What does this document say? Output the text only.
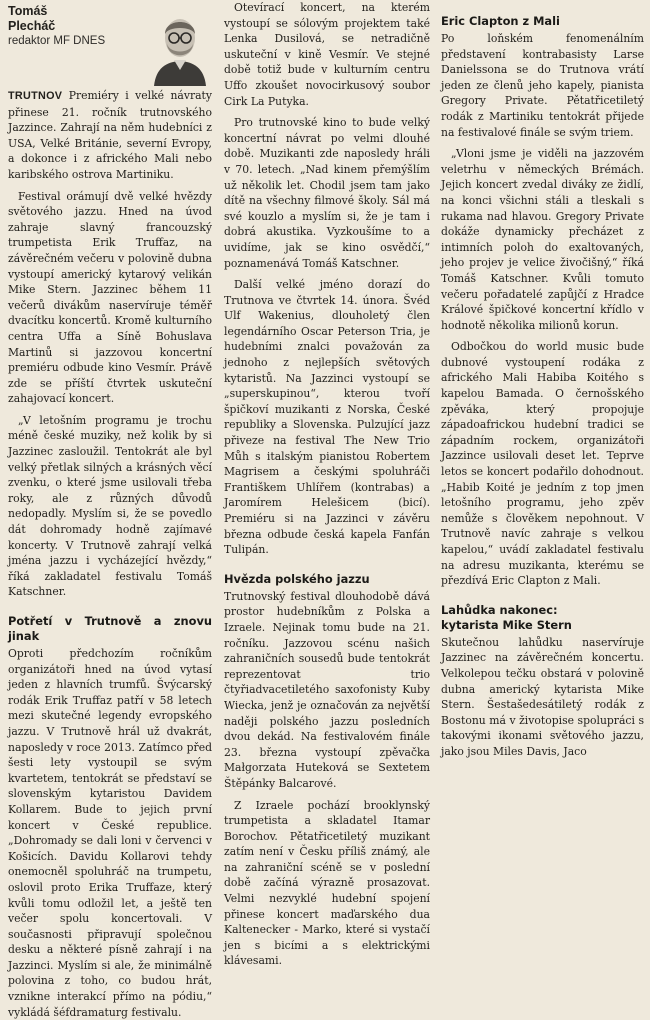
Tomáš
Plecháč
redaktor MF DNES

TRUTNOV Premiéry i velké návraty přinese 21. ročník trutnovského Jazzince. Zahrají na něm hudebníci z USA, Velké Británie, severní Evropy, a dokonce i z afrického Mali nebo karibského ostrova Martiniku.

Festival orámují dvě velké hvězdy světového jazzu. Hned na úvod zahraje slavný francouzský trumpetista Erik Truffaz, na závěrečném večeru v polovině dubna vystoupí americký kytarový velikán Mike Stern. Jazzinec během 11 večerů divákům naservíruje téměř dvacítku koncertů. Kromě kulturního centra Uffa a Síně Bohuslava Martinů si jazzovou koncertní premiéru odbude kino Vesmír. Právě zde se příští čtvrtek uskuteční zahajovací koncert.

„V letošním programu je trochu méně české muziky, než kolik by si Jazzinec zasloužil. Tentokrát ale byl velký přetlak silných a krásných věcí zvenku, o které jsme usilovali třeba roky, ale z různých důvodů nedopadly. Myslím si, že se povedlo dát dohromady hodně zajímavé koncerty. V Trutnově zahrají velká jména jazzu i vycházející hvězdy,“ říká zakladatel festivalu Tomáš Katschner.

Potřetí v Trutnově a znovu jinak

Oproti předchozím ročníkům organizátoři hned na úvod vytasí jeden z hlavních trumfů. Švýcarský rodák Erik Truffaz patří v 58 letech mezi skutečné legendy evropského jazzu. V Trutnově hrál už dvakrát, naposledy v roce 2013. Zatímco před šesti lety vystoupil se svým kvartetem, tentokrát se představí se slovenským kytaristou Davidem Kollarem. Bude to jejich první koncert v České republice. „Dohromady se dali loni v červenci v Košicích. Davidu Kollarovi tehdy onemocněl spoluhráč na trumpetu, oslovil proto Erika Truffaze, který kvůli tomu odložil let, a ještě ten večer spolu koncertovali. V současnosti připravují společnou desku a některé písně zahrají i na Jazzinci. Myslím si ale, že minimálně polovina z toho, co budou hrát, vznikne interakcí přímo na pódiu,“ vykládá šéfdramaturg festivalu.

Otevírací koncert, na kterém vystoupí se sólovým projektem také Lenka Dusilová, se netradičně uskuteční v kině Vesmír. Ve stejné době totiž bude v kulturním centru Uffo zkoušet novocirkusový soubor Cirk La Putyka.

Pro trutnovské kino to bude velký koncertní návrat po velmi dlouhé době. Muzikanti zde naposledy hráli v 70. letech. „Nad kinem přemýšlím už několik let. Chodil jsem tam jako dítě na všechny filmové školy. Sál má své kouzlo a myslím si, že je tam i dobrá akustika. Vyzkoušíme to a uvidíme, jak se kino osvědčí,“ poznamenává Tomáš Katschner.

Další velké jméno dorazí do Trutnova ve čtvrtek 14. února. Švéd Ulf Wakenius, dlouholetý člen legendárního Oscar Peterson Tria, je hudebními znalci považován za jednoho z nejlepších světových kytaristů. Na Jazzinci vystoupí se „superskupinou“, kterou tvoří špičkoví muzikanti z Norska, České republiky a Slovenska. Pulzující jazz přiveze na festival The New Trio Můh s italským pianistou Robertem Magrisem a českými spoluhráči Františkem Uhlířem (kontrabas) a Jaromírem Helešicem (bicí). Premiéru si na Jazzinci v závěru března odbude česká kapela Fanfán Tulipán.

Hvězda polského jazzu

Trutnovský festival dlouhodobě dává prostor hudebníkům z Polska a Izraele. Nejinak tomu bude na 21. ročníku. Jazzovou scénu našich zahraničních sousedů bude tentokrát reprezentovat trio čtyřiadvacetiletého saxofonisty Kuby Wiecka, jenž je označován za největší naději polského jazzu posledních dvou dekád. Na festivalovém finále 23. března vystoupí zpěvačka Małgorzata Huteková se Sextetem Štěpánky Balcarové.

Z Izraele pochází brooklynský trumpetista a skladatel Itamar Borochov. Pětatřicetiletý muzikant zatím není v Česku příliš známý, ale na zahraniční scéně se v poslední době začíná výrazně prosazovat. Velmi nezvyklé hudební spojení přinese koncert maďarského dua Kaltenecker - Marko, které si vystačí jen s bicími a s elektrickými klávesami.

Eric Clapton z Mali

Po loňském fenomenálním představení kontrabasisty Larse Danielssona se do Trutnova vrátí jeden ze členů jeho kapely, pianista Gregory Private. Pětatřicetiletý rodák z Martiniku tentokrát přijede na festivalové finále se svým triem.

„Vloni jsme je viděli na jazzovém veletrhu v německých Brémách. Jejich koncert zvedal diváky ze židlí, na konci všichni stáli a tleskali s rukama nad hlavou. Gregory Private dokáže dynamicky přecházet z intimních poloh do exaltovaných, jeho projev je velice živočišný,“ říká Tomáš Katschner. Kvůli tomuto večeru pořadatelé zapůjčí z Hradce Králové špičkové koncertní křídlo v hodnotě několika milionů korun.

Odbočkou do world music bude dubnové vystoupení rodáka z afrického Mali Habiba Koitého s kapelou Bamada. O černošského zpěváka, který propojuje západoafrickou hudební tradici se západním rockem, organizátoři Jazzince usilovali deset let. Teprve letos se koncert podařilo dohodnout. „Habib Koité je jedním z top jmen letošního programu, jeho zpěv nemůže s člověkem nepohnout. V Trutnově navíc zahraje s velkou kapelou,“ uvádí zakladatel festivalu na adresu muzikanta, kterému se přezdívá Eric Clapton z Mali.

Lahůdka nakonec:
kytarista Mike Stern

Skutečnou lahůdku naservíruje Jazzinec na závěrečném koncertu. Velkolepou tečku obstará v polovině dubna americký kytarista Mike Stern. Šestašedesátiletý rodák z Bostonu má v životopise spolupráci s takovými ikonami světového jazzu, jako jsou Miles Davis, Jaco
